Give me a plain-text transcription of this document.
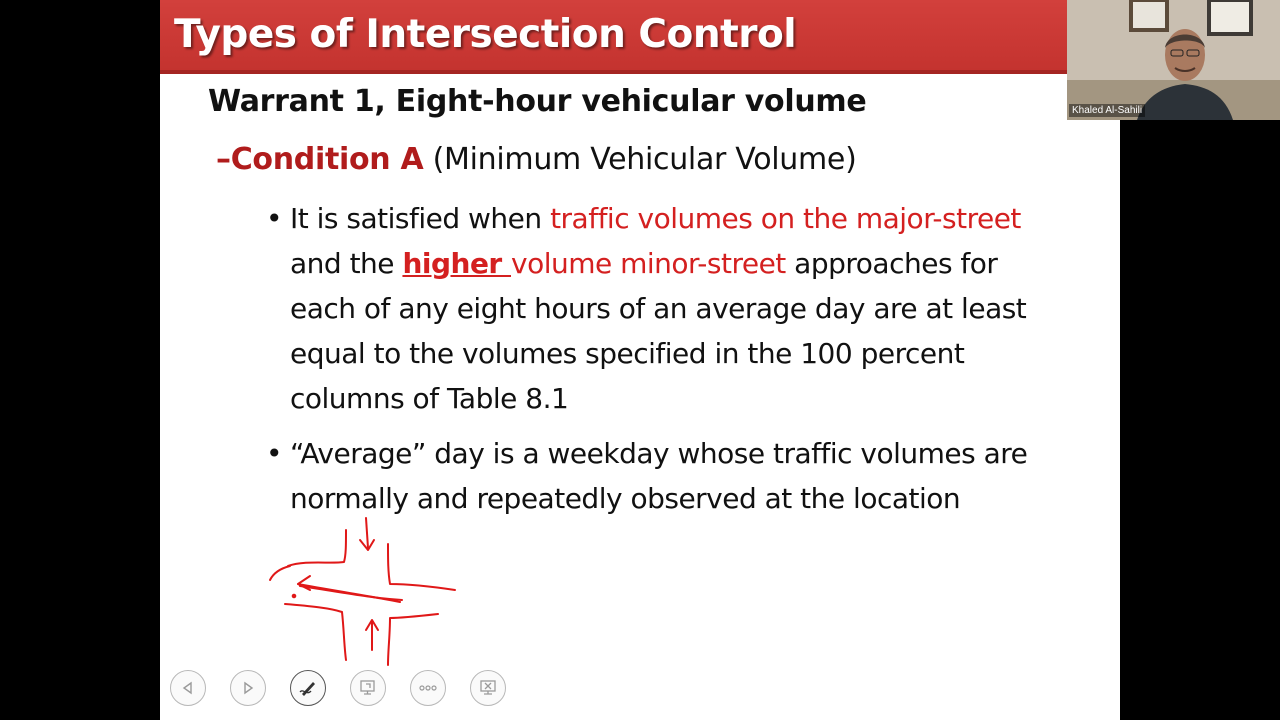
Types of Intersection Control
Warrant 1, Eight-hour vehicular volume
–Condition A (Minimum Vehicular Volume)
• It is satisfied when traffic volumes on the major-street
and the higher volume minor-street approaches for
each of any eight hours of an average day are at least
equal to the volumes specified in the 100 percent
columns of Table 8.1
• “Average” day is a weekday whose traffic volumes are
normally and repeatedly observed at the location
Khaled Al-Sahili
